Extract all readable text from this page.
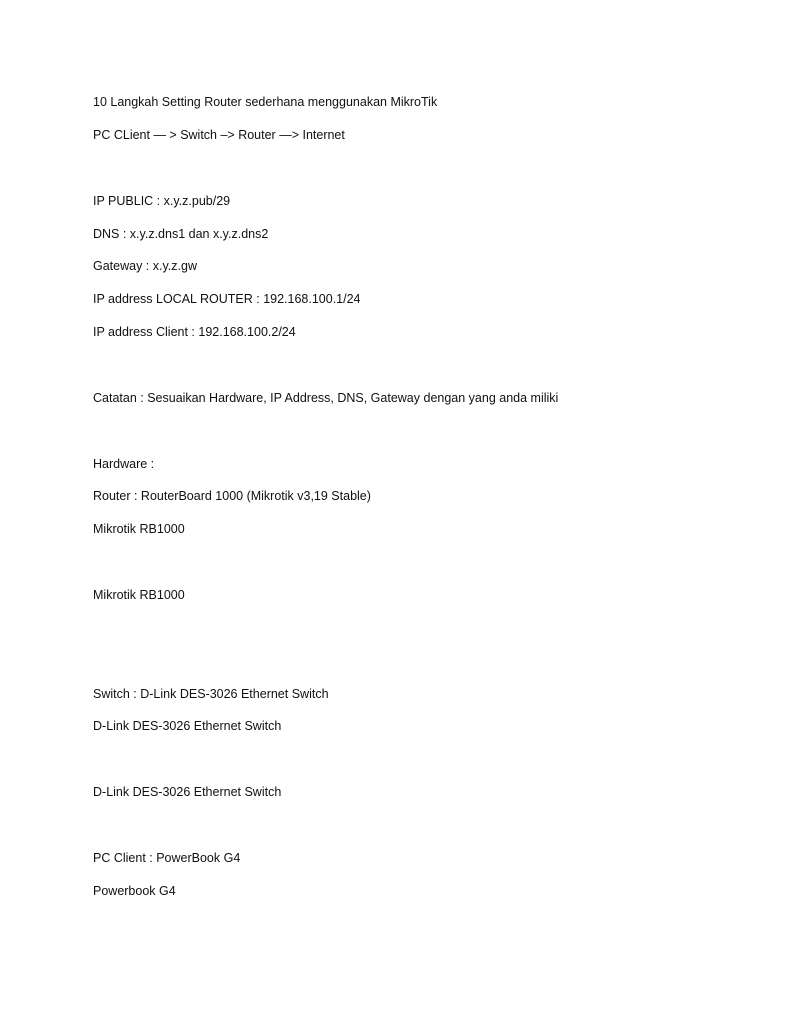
10 Langkah Setting Router sederhana menggunakan MikroTik
PC CLient — > Switch –> Router —> Internet
IP PUBLIC : x.y.z.pub/29
DNS : x.y.z.dns1 dan x.y.z.dns2
Gateway : x.y.z.gw
IP address LOCAL ROUTER : 192.168.100.1/24
IP address Client : 192.168.100.2/24
Catatan : Sesuaikan Hardware, IP Address, DNS, Gateway dengan yang anda miliki
Hardware :
Router : RouterBoard 1000 (Mikrotik v3,19 Stable)
Mikrotik RB1000
Mikrotik RB1000
Switch : D-Link DES-3026 Ethernet Switch
D-Link DES-3026 Ethernet Switch
D-Link DES-3026 Ethernet Switch
PC Client : PowerBook G4
Powerbook G4
